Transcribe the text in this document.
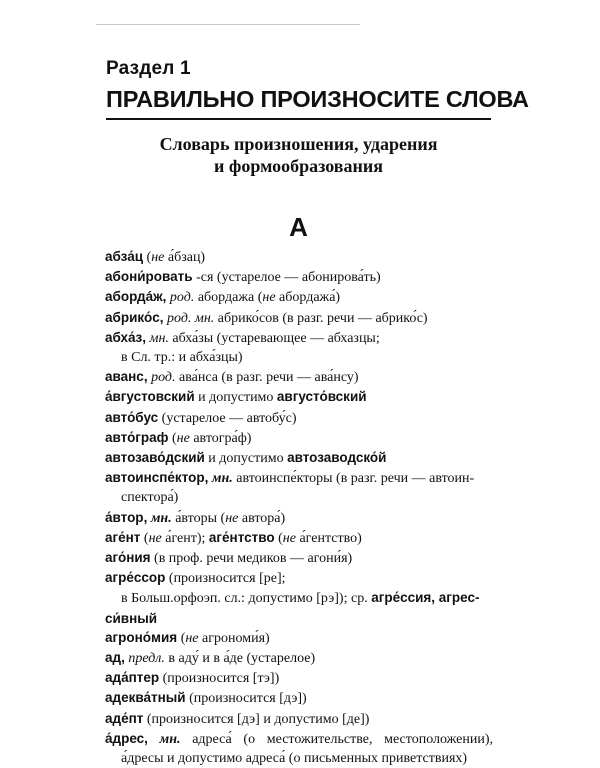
Раздел 1
ПРАВИЛЬНО ПРОИЗНОСИТЕ СЛОВА
Словарь произношения, ударения
и формообразования
А
абза́ц (не а́бзац)
абони́ровать -ся (устарелое — абонирова́ть)
абордáж, род. абордажа (не абордажа́)
абрико́с, род. мн. абрико́сов (в разг. речи — абрико́с)
абха́з, мн. абха́зы (устаревающее — абхазцы;
в Сл. тр.: и абха́зцы)
аванс, род. ава́нса (в разг. речи — ава́нсу)
а́вгустовский и допустимо августо́вский
авто́бус (устарелое — автобу́с)
авто́граф (не автогра́ф)
автозаво́дский и допустимо автозаводско́й
автоинспе́ктор, мн. автоинспе́кторы (в разг. речи — автоин-
спектора́)
а́втор, мн. а́вторы (не автора́)
аге́нт (не а́гент); аге́нтство (не а́гентство)
аго́ния (в проф. речи медиков — агони́я)
агре́ссор (произносится [ре];
в Больш.орфоэп. сл.: допустимо [рэ]); ср. агре́ссия, агрес-
си́вный
агроно́мия (не агрономи́я)
ад, предл. в аду́ и в а́де (устарелое)
ада́птер (произносится [тэ])
адеква́тный (произносится [дэ])
аде́пт (произносится [дэ] и допустимо [де])
а́дрес, мн. адреса́ (о местожительстве, местоположении),
а́дресы и допустимо адреса́ (о письменных приветствиях)
